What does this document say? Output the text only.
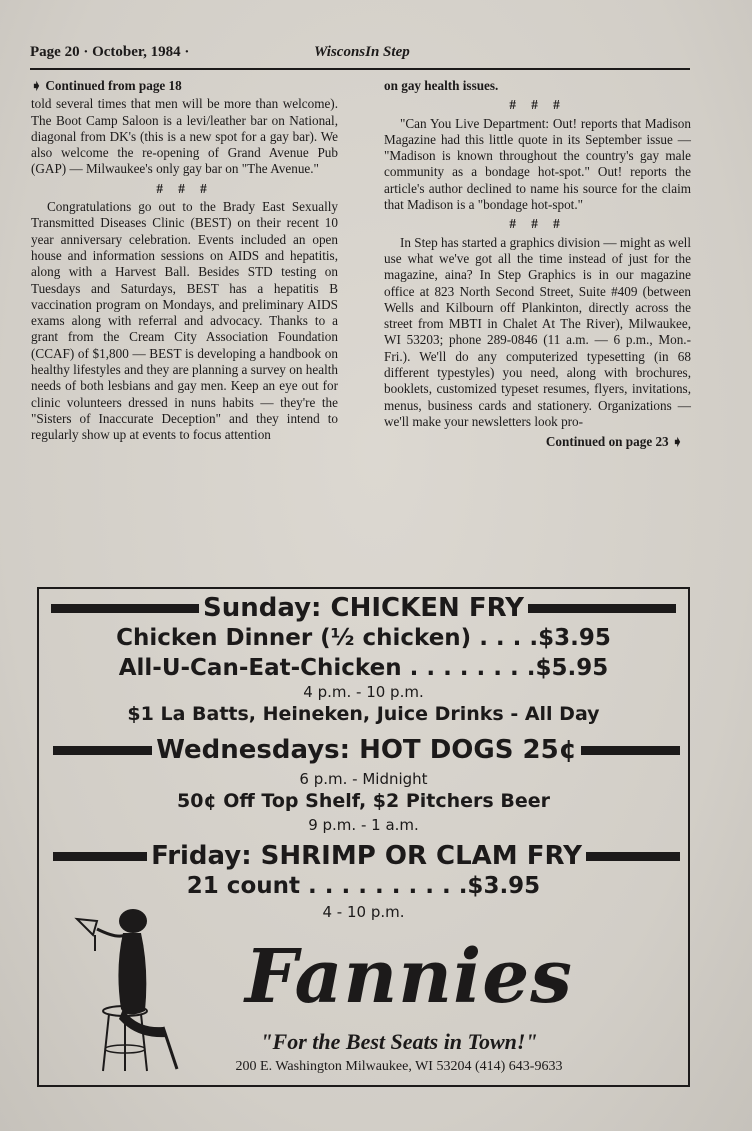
Page 20 · October, 1984 ·	WisconsIn Step
➧ Continued from page 18

told several times that men will be more than welcome). The Boot Camp Saloon is a levi/leather bar on National, diagonal from DK's (this is a new spot for a gay bar). We also welcome the re-opening of Grand Avenue Pub (GAP) — Milwaukee's only gay bar on "The Avenue."

# # #

Congratulations go out to the Brady East Sexually Transmitted Diseases Clinic (BEST) on their recent 10 year anniversary celebration. Events included an open house and information sessions on AIDS and hepatitis, along with a Harvest Ball. Besides STD testing on Tuesdays and Saturdays, BEST has a hepatitis B vaccination program on Mondays, and preliminary AIDS exams along with referral and advocacy. Thanks to a grant from the Cream City Association Foundation (CCAF) of $1,800 — BEST is developing a handbook on healthy lifestyles and they are planning a survey on health needs of both lesbians and gay men. Keep an eye out for clinic volunteers dressed in nuns habits — they're the "Sisters of Inaccurate Deception" and they intend to regularly show up at events to focus attention

on gay health issues.

# # #

"Can You Live Department: Out! reports that Madison Magazine had this little quote in its September issue — "Madison is known throughout the country's gay male community as a bondage hot-spot." Out! reports the article's author declined to name his source for the claim that Madison is a "bondage hot-spot."

# # #

In Step has started a graphics division — might as well use what we've got all the time instead of just for the magazine, aina? In Step Graphics is in our magazine office at 823 North Second Street, Suite #409 (between Wells and Kilbourn off Plankinton, directly across the street from MBTI in Chalet At The River), Milwaukee, WI 53203; phone 289-0846 (11 a.m. — 6 p.m., Mon.-Fri.). We'll do any computerized typesetting (in 68 different typestyles) you need, along with brochures, booklets, customized typeset resumes, flyers, invitations, menus, business cards and stationery. Organizations — we'll make your newsletters look pro-

Continued on page 23 ➧
Sunday: CHICKEN FRY
Chicken Dinner (½ chicken) . . . .$3.95
All-U-Can-Eat-Chicken . . . . . . . .$5.95
4 p.m. - 10 p.m.
$1 La Batts, Heineken, Juice Drinks - All Day
Wednesdays: HOT DOGS 25¢
6 p.m. - Midnight
50¢ Off Top Shelf, $2 Pitchers Beer
9 p.m. - 1 a.m.
Friday: SHRIMP OR CLAM FRY
21 count . . . . . . . . . .$3.95
4 - 10 p.m.
Fannies
"For the Best Seats in Town!"
200 E. Washington Milwaukee, WI 53204 (414) 643-9633
